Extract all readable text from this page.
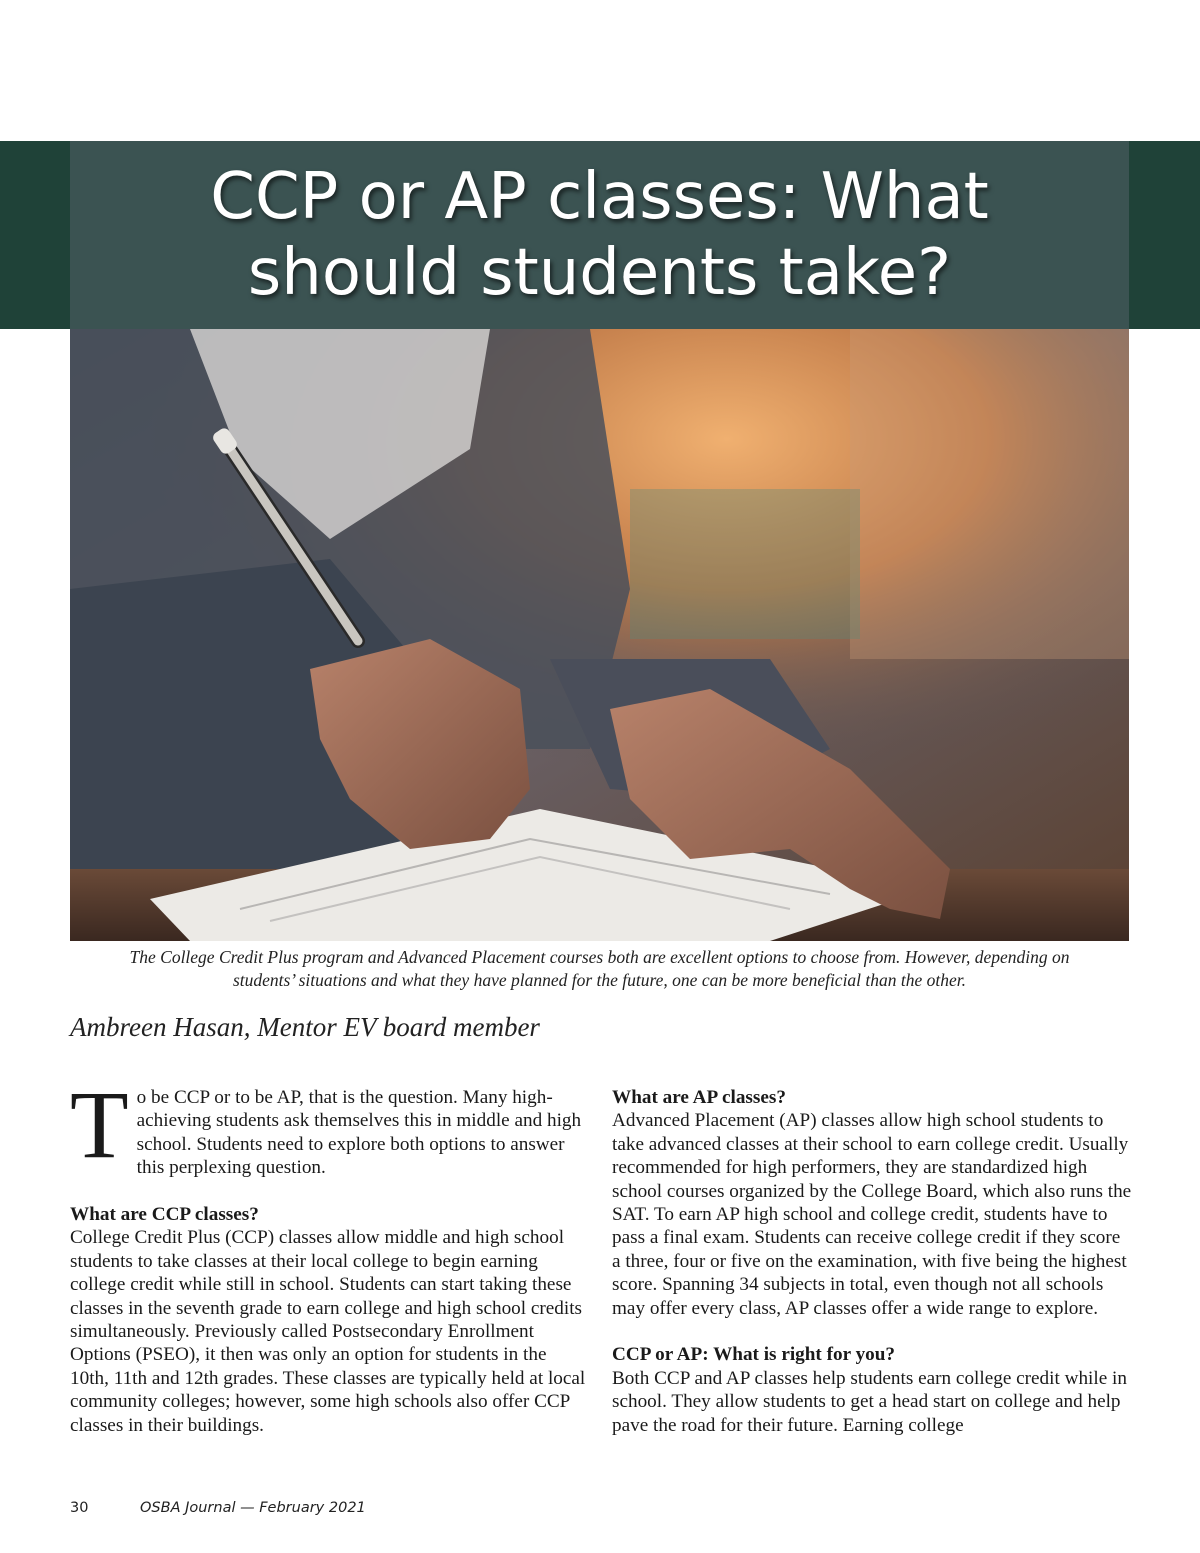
CCP or AP classes: What
should students take?
The College Credit Plus program and Advanced Placement courses both are excellent options to choose from. However, depending on
students’ situations and what they have planned for the future, one can be more beneficial than the other.
Ambreen Hasan, Mentor EV board member

To be CCP or to be AP, that is the question. Many high-achieving students ask themselves this in middle and high school. Students need to explore both options to answer this perplexing question.

What are CCP classes?

College Credit Plus (CCP) classes allow middle and high school students to take classes at their local college to begin earning college credit while still in school. Students can start taking these classes in the seventh grade to earn college and high school credits simultaneously. Previously called Postsecondary Enrollment Options (PSEO), it then was only an option for students in the 10th, 11th and 12th grades. These classes are typically held at local community colleges; however, some high schools also offer CCP classes in their buildings.

What are AP classes?

Advanced Placement (AP) classes allow high school students to take advanced classes at their school to earn college credit. Usually recommended for high performers, they are standardized high school courses organized by the College Board, which also runs the SAT. To earn AP high school and college credit, students have to pass a final exam. Students can receive college credit if they score a three, four or five on the examination, with five being the highest score. Spanning 34 subjects in total, even though not all schools may offer every class, AP classes offer a wide range to explore.

CCP or AP: What is right for you?

Both CCP and AP classes help students earn college credit while in school. They allow students to get a head start on college and help pave the road for their future. Earning college

30	OSBA Journal — February 2021
